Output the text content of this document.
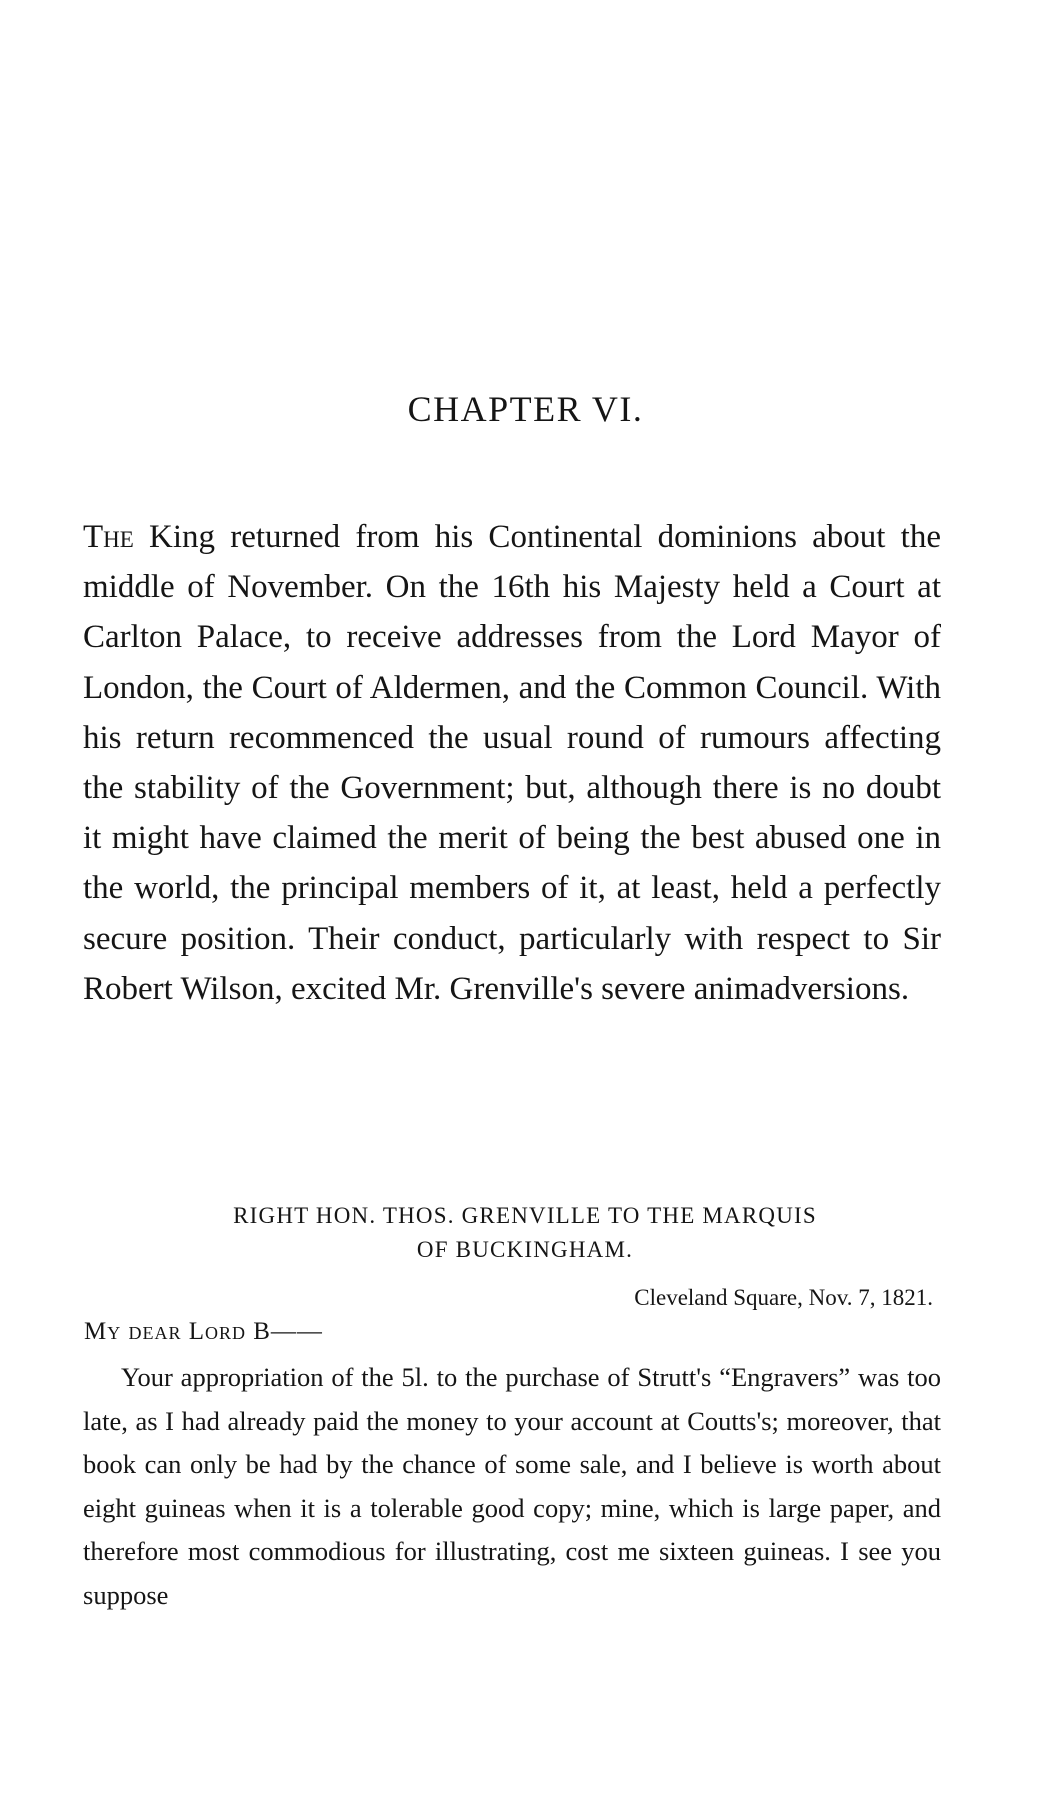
CHAPTER VI.

The King returned from his Continental dominions about the middle of November. On the 16th his Majesty held a Court at Carlton Palace, to receive addresses from the Lord Mayor of London, the Court of Aldermen, and the Common Council. With his return recommenced the usual round of rumours affecting the stability of the Government; but, although there is no doubt it might have claimed the merit of being the best abused one in the world, the principal members of it, at least, held a perfectly secure position. Their conduct, particularly with respect to Sir Robert Wilson, excited Mr. Grenville's severe animadversions.

RIGHT HON. THOS. GRENVILLE TO THE MARQUIS
OF BUCKINGHAM.

Cleveland Square, Nov. 7, 1821.

My dear Lord B——

Your appropriation of the 5l. to the purchase of Strutt's “Engravers” was too late, as I had already paid the money to your account at Coutts's; moreover, that book can only be had by the chance of some sale, and I believe is worth about eight guineas when it is a tolerable good copy; mine, which is large paper, and therefore most commodious for illustrating, cost me sixteen guineas. I see you suppose
